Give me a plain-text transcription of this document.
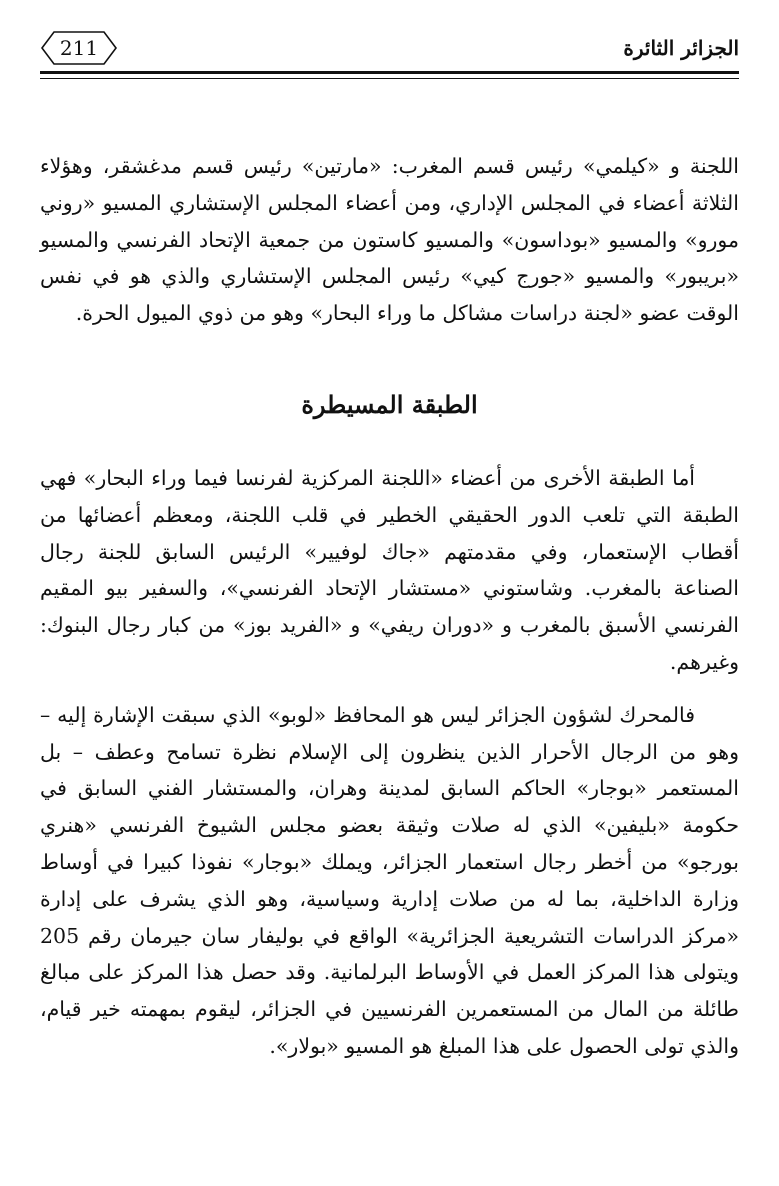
211	الجزائر الثائرة

اللجنة و «كيلمي» رئيس قسم المغرب: «مارتين» رئيس قسم مدغشقر، وهؤلاء الثلاثة أعضاء في المجلس الإداري، ومن أعضاء المجلس الإستشاري المسيو «روني مورو» والمسيو «بوداسون» والمسيو كاستون من جمعية الإتحاد الفرنسي والمسيو «بريبور» والمسيو «جورج كيي» رئيس المجلس الإستشاري والذي هو في نفس الوقت عضو «لجنة دراسات مشاكل ما وراء البحار» وهو من ذوي الميول الحرة.

الطبقة المسيطرة

أما الطبقة الأخرى من أعضاء «اللجنة المركزية لفرنسا فيما وراء البحار» فهي الطبقة التي تلعب الدور الحقيقي الخطير في قلب اللجنة، ومعظم أعضائها من أقطاب الإستعمار، وفي مقدمتهم «جاك لوفيير» الرئيس السابق للجنة رجال الصناعة بالمغرب. وشاستوني «مستشار الإتحاد الفرنسي»، والسفير بيو المقيم الفرنسي الأسبق بالمغرب و «دوران ريفي» و «الفريد بوز» من كبار رجال البنوك: وغيرهم.

فالمحرك لشؤون الجزائر ليس هو المحافظ «لوبو» الذي سبقت الإشارة إليه – وهو من الرجال الأحرار الذين ينظرون إلى الإسلام نظرة تسامح وعطف – بل المستعمر «بوجار» الحاكم السابق لمدينة وهران، والمستشار الفني السابق في حكومة «بليفين» الذي له صلات وثيقة بعضو مجلس الشيوخ الفرنسي «هنري بورجو» من أخطر رجال استعمار الجزائر، ويملك «بوجار» نفوذا كبيرا في أوساط وزارة الداخلية، بما له من صلات إدارية وسياسية، وهو الذي يشرف على إدارة «مركز الدراسات التشريعية الجزائرية» الواقع في بوليفار سان جيرمان رقم 205 ويتولى هذا المركز العمل في الأوساط البرلمانية. وقد حصل هذا المركز على مبالغ طائلة من المال من المستعمرين الفرنسيين في الجزائر، ليقوم بمهمته خير قيام، والذي تولى الحصول على هذا المبلغ هو المسيو «بولار».
